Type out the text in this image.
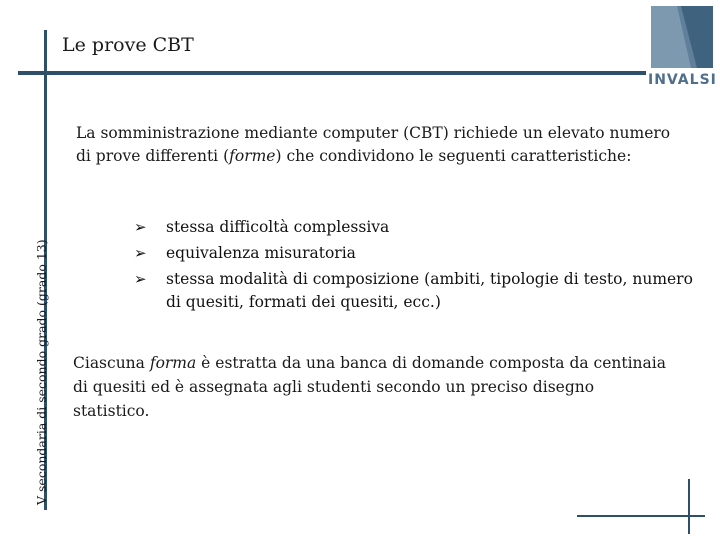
Le prove CBT
INVALSI
V secondaria di secondo grado (grado 13)
La somministrazione mediante computer (CBT) richiede un elevato numero di prove differenti (forme) che condividono le seguenti caratteristiche:
➢ stessa difficoltà complessiva
➢ equivalenza misuratoria
➢ stessa modalità di composizione (ambiti, tipologie di testo, numero di quesiti, formati dei quesiti, ecc.)
Ciascuna forma è estratta da una banca di domande composta da centinaia di quesiti ed è assegnata agli studenti secondo un preciso disegno statistico.
